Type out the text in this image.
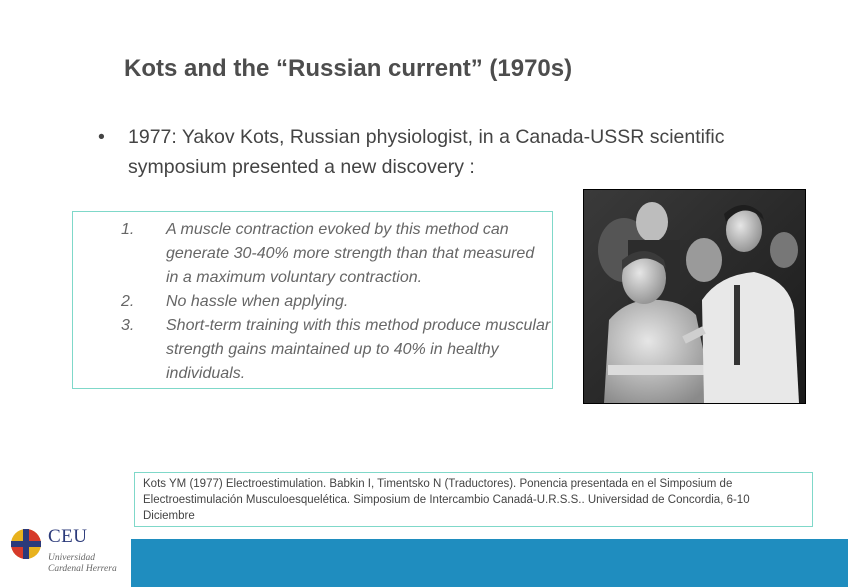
Kots and the “Russian current” (1970s)
• 1977: Yakov Kots, Russian physiologist, in a Canada-USSR scientific symposium presented a new discovery :
1. A muscle contraction evoked by this method can generate 30-40% more strength than that measured in a maximum voluntary contraction.
2. No hassle when applying.
3. Short-term training with this method produce muscular strength gains maintained up to 40% in healthy individuals.
Kots YM (1977) Electroestimulation. Babkin I, Timentsko N (Traductores). Ponencia presentada en el Simposium de Electroestimulación Musculoesquelética. Simposium de Intercambio Canadá-U.R.S.S.. Universidad de Concordia, 6-10 Diciembre
CEU
Universidad
Cardenal Herrera
